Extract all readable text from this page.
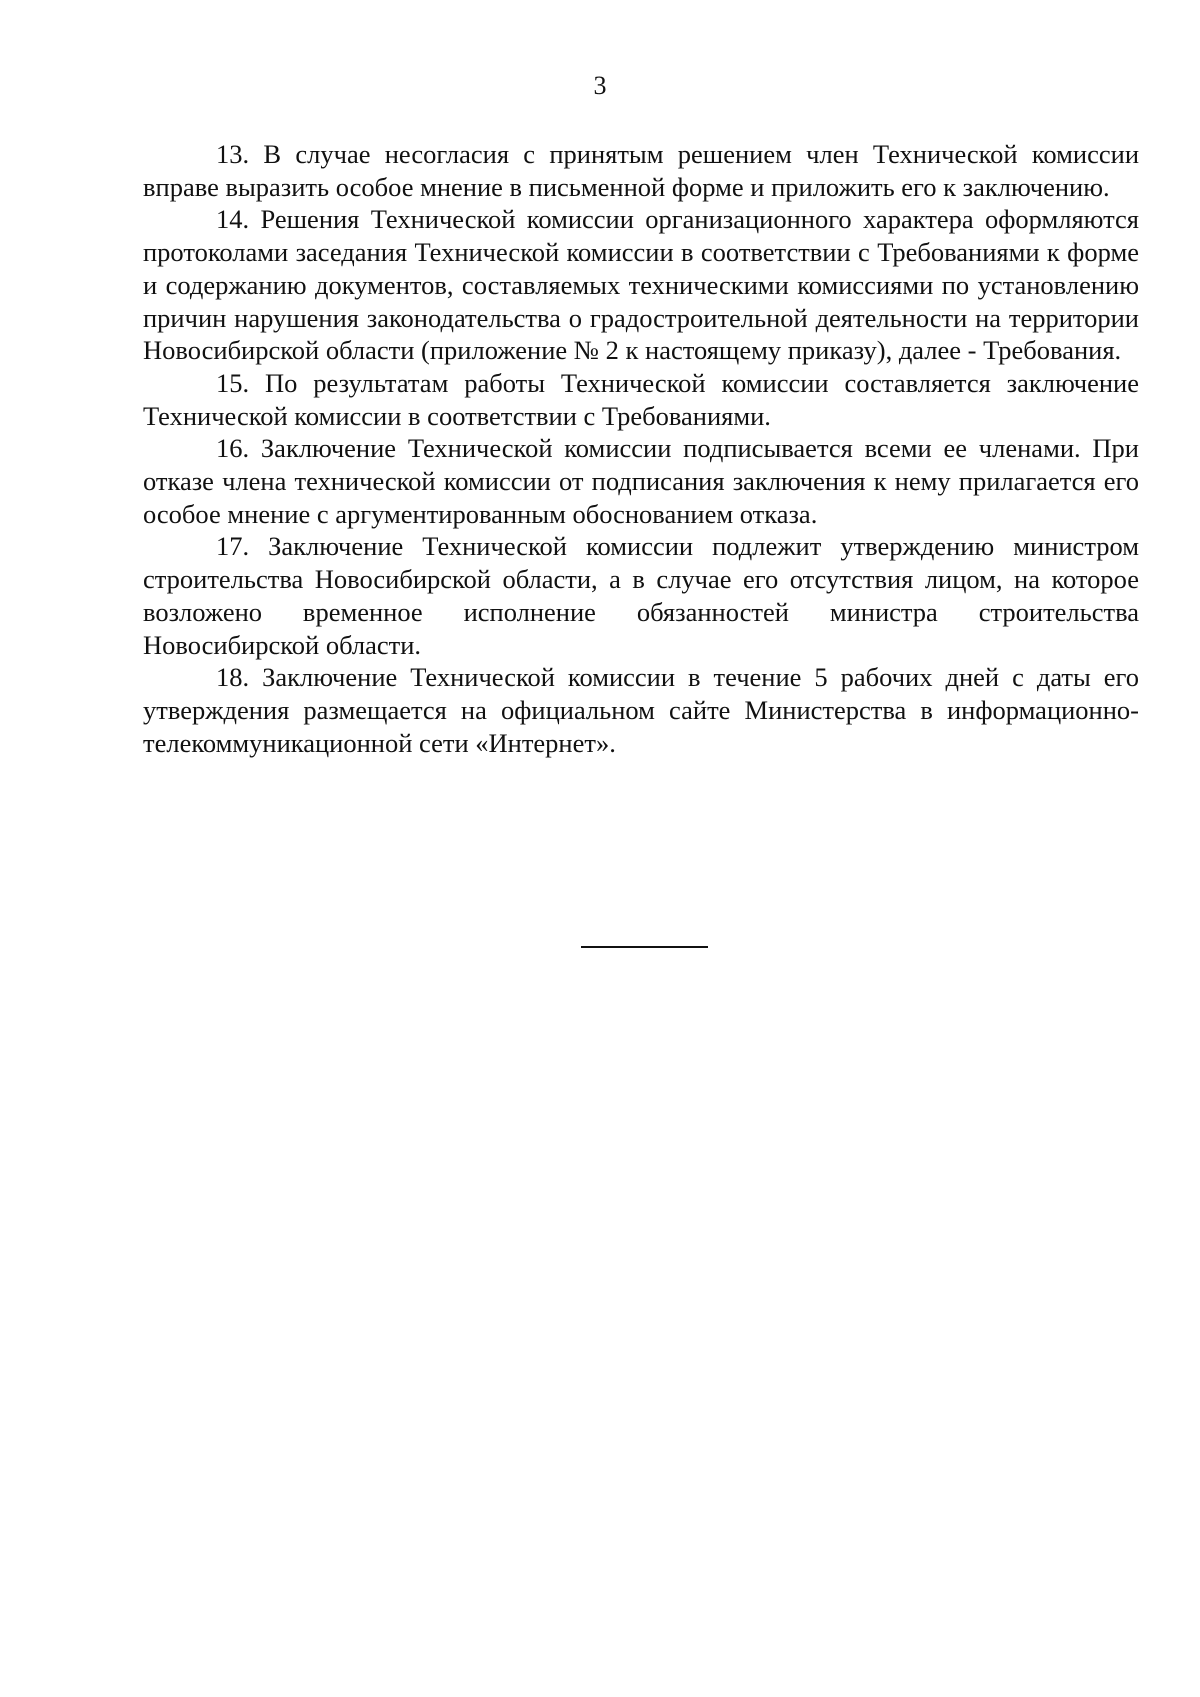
3

13. В случае несогласия с принятым решением член Технической комиссии вправе выразить особое мнение в письменной форме и приложить его к заключению.

14. Решения Технической комиссии организационного характера оформляются протоколами заседания Технической комиссии в соответствии с Требованиями к форме и содержанию документов, составляемых техническими комиссиями по установлению причин нарушения законодательства о градостроительной деятельности на территории Новосибирской области (приложение № 2 к настоящему приказу), далее - Требования.

15. По результатам работы Технической комиссии составляется заключение Технической комиссии в соответствии с Требованиями.

16. Заключение Технической комиссии подписывается всеми ее членами. При отказе члена технической комиссии от подписания заключения к нему прилагается его особое мнение с аргументированным обоснованием отказа.

17. Заключение Технической комиссии подлежит утверждению министром строительства Новосибирской области, а в случае его отсутствия лицом, на которое возложено временное исполнение обязанностей министра строительства Новосибирской области.

18. Заключение Технической комиссии в течение 5 рабочих дней с даты его утверждения размещается на официальном сайте Министерства в информационно-телекоммуникационной сети «Интернет».
